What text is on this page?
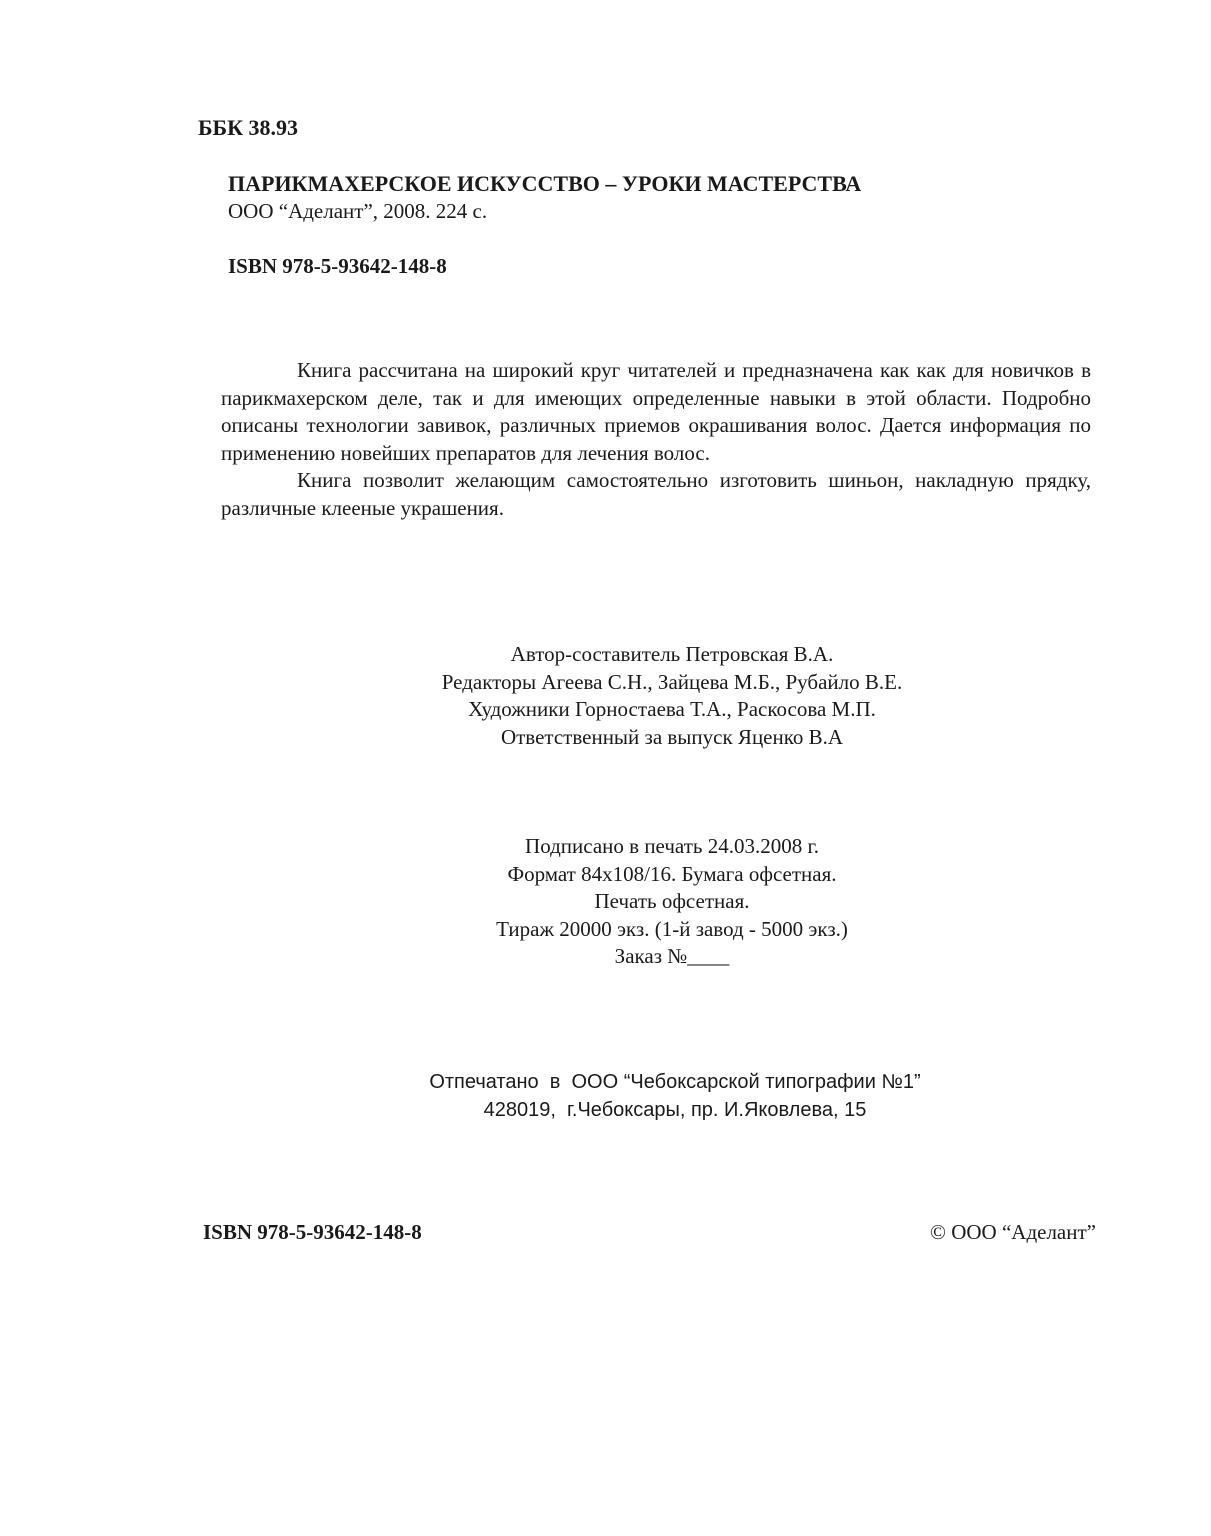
ББК 38.93
ПАРИКМАХЕРСКОЕ ИСКУССТВО – УРОКИ МАСТЕРСТВА
ООО “Аделант”, 2008. 224 с.
ISBN 978-5-93642-148-8

Книга рассчитана на широкий круг читателей и предназначена как как для новичков в парикмахерском деле, так и для имеющих определенные навыки в этой области. Подробно описаны технологии завивок, различных приемов окрашивания волос. Дается информация по применению новейших препаратов для лечения волос.

Книга позволит желающим самостоятельно изготовить шиньон, накладную прядку, различные клееные украшения.

Автор-составитель Петровская В.А.
Редакторы Агеева С.Н., Зайцева М.Б., Рубайло В.Е.
Художники Горностаева Т.А., Раскосова М.П.
Ответственный за выпуск Яценко В.А
Подписано в печать 24.03.2008 г.
Формат 84x108/16. Бумага офсетная.
Печать офсетная.
Тираж 20000 экз. (1-й завод - 5000 экз.)
Заказ №____
Отпечатано  в  ООО “Чебоксарской типографии №1”
428019,  г.Чебоксары, пр. И.Яковлева, 15
ISBN 978-5-93642-148-8	© ООО “Аделант”
